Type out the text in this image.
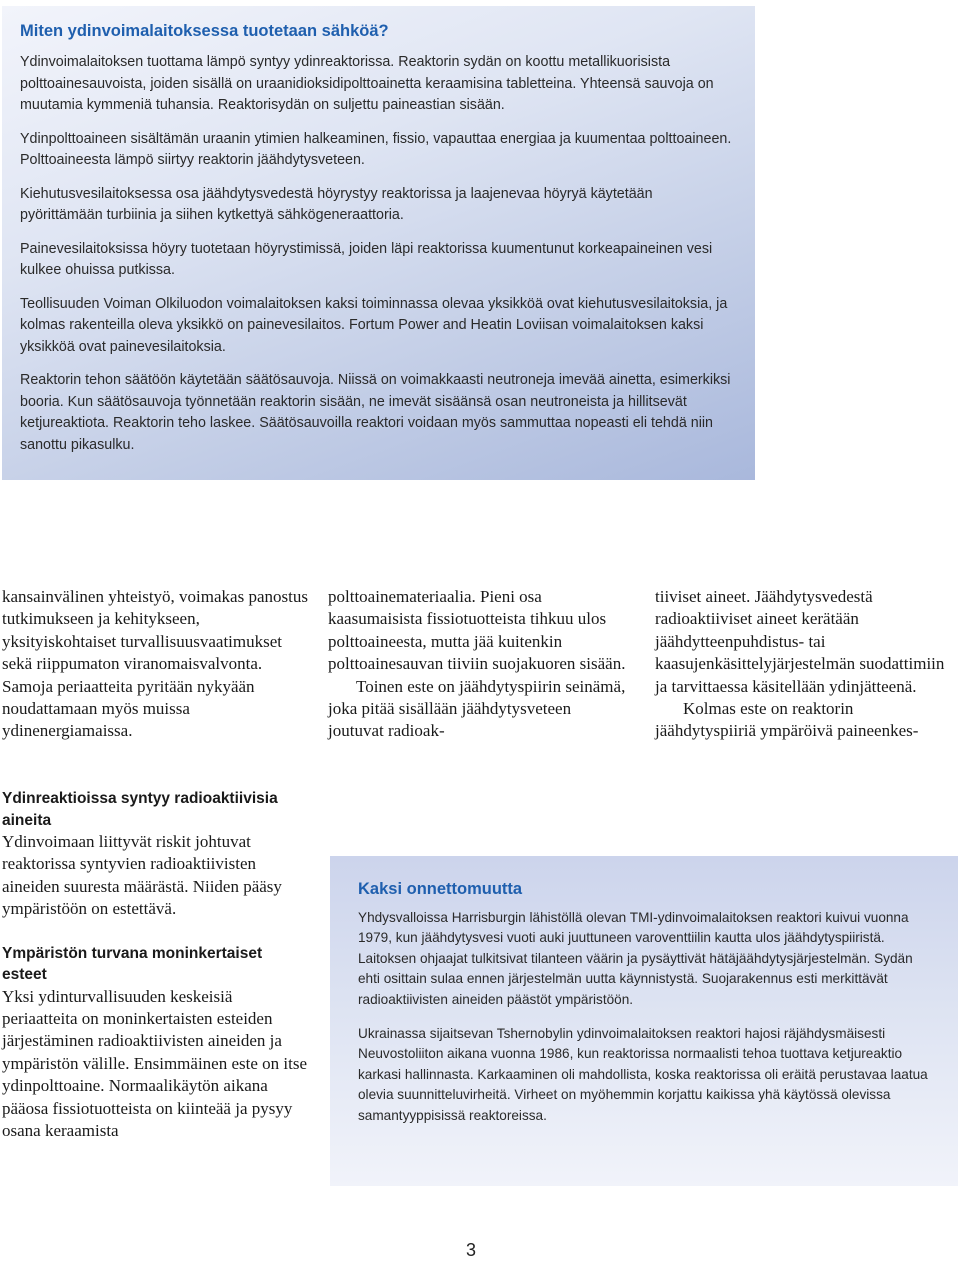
Miten ydinvoimalaitoksessa tuotetaan sähköä?

Ydinvoimalaitoksen tuottama lämpö syntyy ydinreaktorissa. Reaktorin sydän on koottu metallikuorisista polttoainesauvoista, joiden sisällä on uraanidioksidipolttoainetta keraamisina tabletteina. Yhteensä sauvoja on muutamia kymmeniä tuhansia. Reaktorisydän on suljettu paineastian sisään.

Ydinpolttoaineen sisältämän uraanin ytimien halkeaminen, fissio, vapauttaa energiaa ja kuumentaa polttoaineen. Polttoaineesta lämpö siirtyy reaktorin jäähdytysveteen.

Kiehutusvesilaitoksessa osa jäähdytysvedestä höyrystyy reaktorissa ja laajenevaa höyryä käytetään pyörittämään turbiinia ja siihen kytkettyä sähkögeneraattoria.

Painevesilaitoksissa höyry tuotetaan höyrystimissä, joiden läpi reaktorissa kuumentunut korkeapaineinen vesi kulkee ohuissa putkissa.

Teollisuuden Voiman Olkiluodon voimalaitoksen kaksi toiminnassa olevaa yksikköä ovat kiehutusvesilaitoksia, ja kolmas rakenteilla oleva yksikkö on painevesilaitos. Fortum Power and Heatin Loviisan voimalaitoksen kaksi yksikköä ovat painevesilaitoksia.

Reaktorin tehon säätöön käytetään säätösauvoja. Niissä on voimakkaasti neutroneja imevää ainetta, esimerkiksi booria. Kun säätösauvoja työnnetään reaktorin sisään, ne imevät sisäänsä osan neutroneista ja hillitsevät ketjureaktiota. Reaktorin teho laskee. Säätösauvoilla reaktori voidaan myös sammuttaa nopeasti eli tehdä niin sanottu pikasulku.

kansainvälinen yhteistyö, voimakas panostus tutkimukseen ja kehitykseen, yksityiskohtaiset turvallisuusvaatimukset sekä riippumaton viranomaisvalvonta. Samoja periaatteita pyritään nykyään noudattamaan myös muissa ydinenergiamaissa.

polttoainemateriaalia. Pieni osa kaasumaisista fissiotuotteista tihkuu ulos polttoaineesta, mutta jää kuitenkin polttoainesauvan tiiviin suojakuoren sisään.

Toinen este on jäähdytyspiirin seinämä, joka pitää sisällään jäähdytysveteen joutuvat radioak-

tiiviset aineet. Jäähdytysvedestä radioaktiiviset aineet kerätään jäähdytteenpuhdistus- tai kaasujenkäsittelyjärjestelmän suodattimiin ja tarvittaessa käsitellään ydinjätteenä.

Kolmas este on reaktorin jäähdytyspiiriä ympäröivä paineenkes-

Ydinreaktioissa syntyy radioaktiivisia aineita

Ydinvoimaan liittyvät riskit johtuvat reaktorissa syntyvien radioaktiivisten aineiden suuresta määrästä. Niiden pääsy ympäristöön on estettävä.

Ympäristön turvana moninkertaiset esteet

Yksi ydinturvallisuuden keskeisiä periaatteita on moninkertaisten esteiden järjestäminen radioaktiivisten aineiden ja ympäristön välille. Ensimmäinen este on itse ydinpolttoaine. Normaalikäytön aikana pääosa fissiotuotteista on kiinteää ja pysyy osana keraamista

Kaksi onnettomuutta

Yhdysvalloissa Harrisburgin lähistöllä olevan TMI-ydinvoimalaitoksen reaktori kuivui vuonna 1979, kun jäähdytysvesi vuoti auki juuttuneen varoventtiilin kautta ulos jäähdytyspiiristä. Laitoksen ohjaajat tulkitsivat tilanteen väärin ja pysäyttivät hätäjäähdytysjärjestelmän. Sydän ehti osittain sulaa ennen järjestelmän uutta käynnistystä. Suojarakennus esti merkittävät radioaktiivisten aineiden päästöt ympäristöön.

Ukrainassa sijaitsevan Tshernobylin ydinvoimalaitoksen reaktori hajosi räjähdysmäisesti Neuvostoliiton aikana vuonna 1986, kun reaktorissa normaalisti tehoa tuottava ketjureaktio karkasi hallinnasta. Karkaaminen oli mahdollista, koska reaktorissa oli eräitä perustavaa laatua olevia suunnitteluvirheitä. Virheet on myöhemmin korjattu kaikissa yhä käytössä olevissa samantyyppisissä reaktoreissa.

3
